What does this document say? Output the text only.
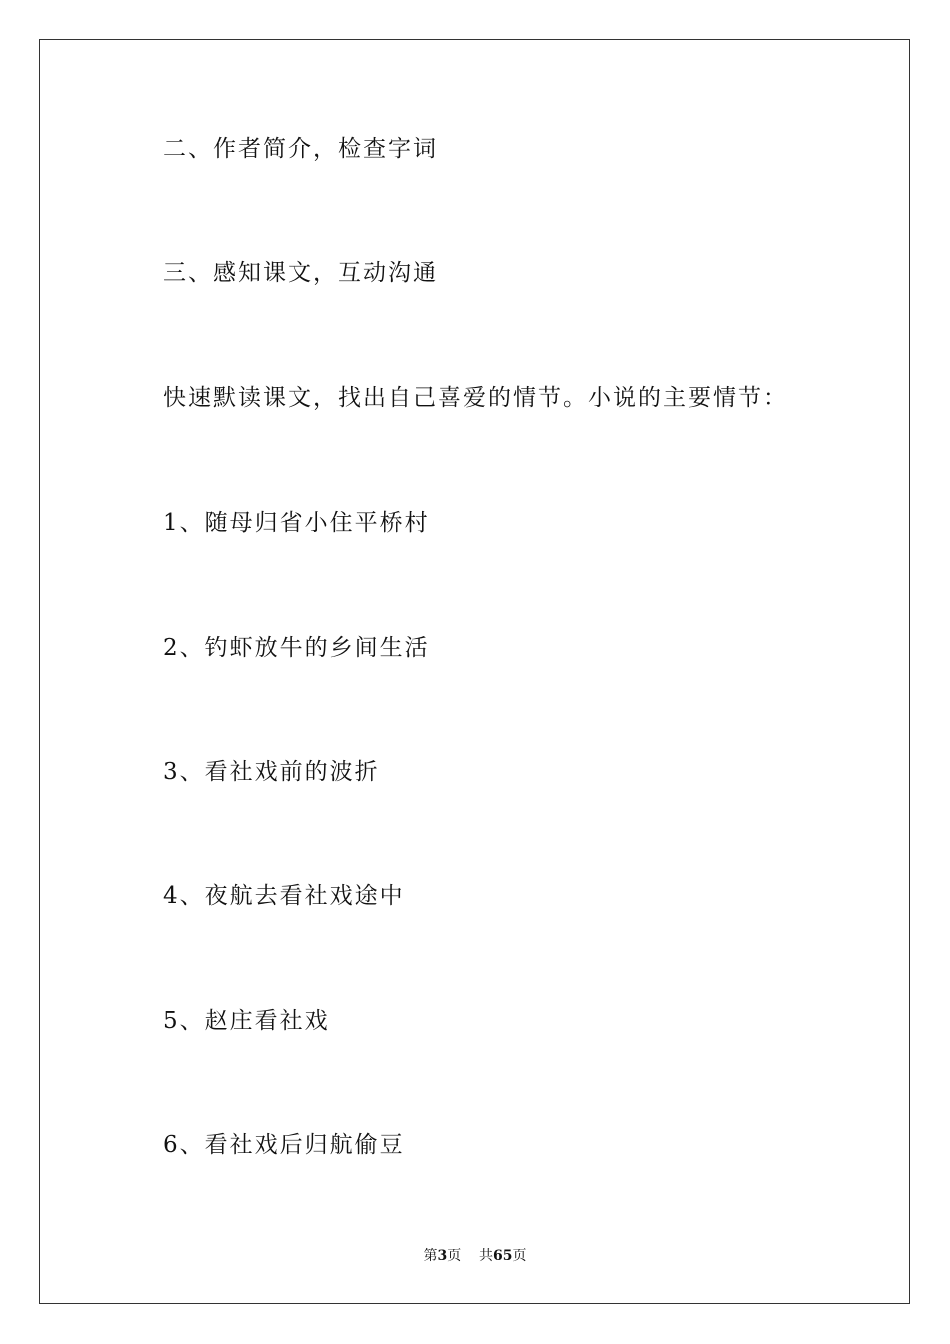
二、作者简介，检查字词
三、感知课文，互动沟通
快速默读课文，找出自己喜爱的情节。小说的主要情节：
1、随母归省小住平桥村
2、钓虾放牛的乡间生活
3、看社戏前的波折
4、夜航去看社戏途中
5、赵庄看社戏
6、看社戏后归航偷豆
第3页 共65页
